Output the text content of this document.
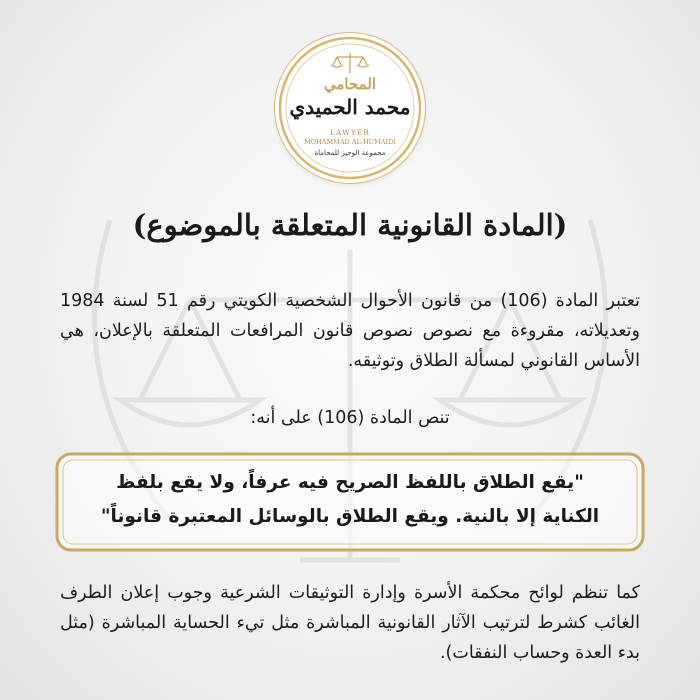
المحامي
محمد الحميدي
LAWYER
MOHAMMAD AL-HUMAIDI
مجموعة الوجيز للمحاماة
(المادة القانونية المتعلقة بالموضوع)
تعتبر المادة (106) من قانون الأحوال الشخصية الكويتي رقم 51 لسنة 1984 وتعديلاته، مقروءة مع نصوص نصوص قانون المرافعات المتعلقة بالإعلان، هي الأساس القانوني لمسألة الطلاق وتوثيقه.
تنص المادة (106) على أنه:
"يقع الطلاق باللفظ الصريح فيه عرفاً، ولا يقع بلفظ الكناية إلا بالنية. ويقع الطلاق بالوسائل المعتبرة قانوناً"
كما تنظم لوائح محكمة الأسرة وإدارة التوثيقات الشرعية وجوب إعلان الطرف الغائب كشرط لترتيب الآثار القانونية المباشرة مثل تيء الحساية المباشرة (مثل بدء العدة وحساب النفقات).
